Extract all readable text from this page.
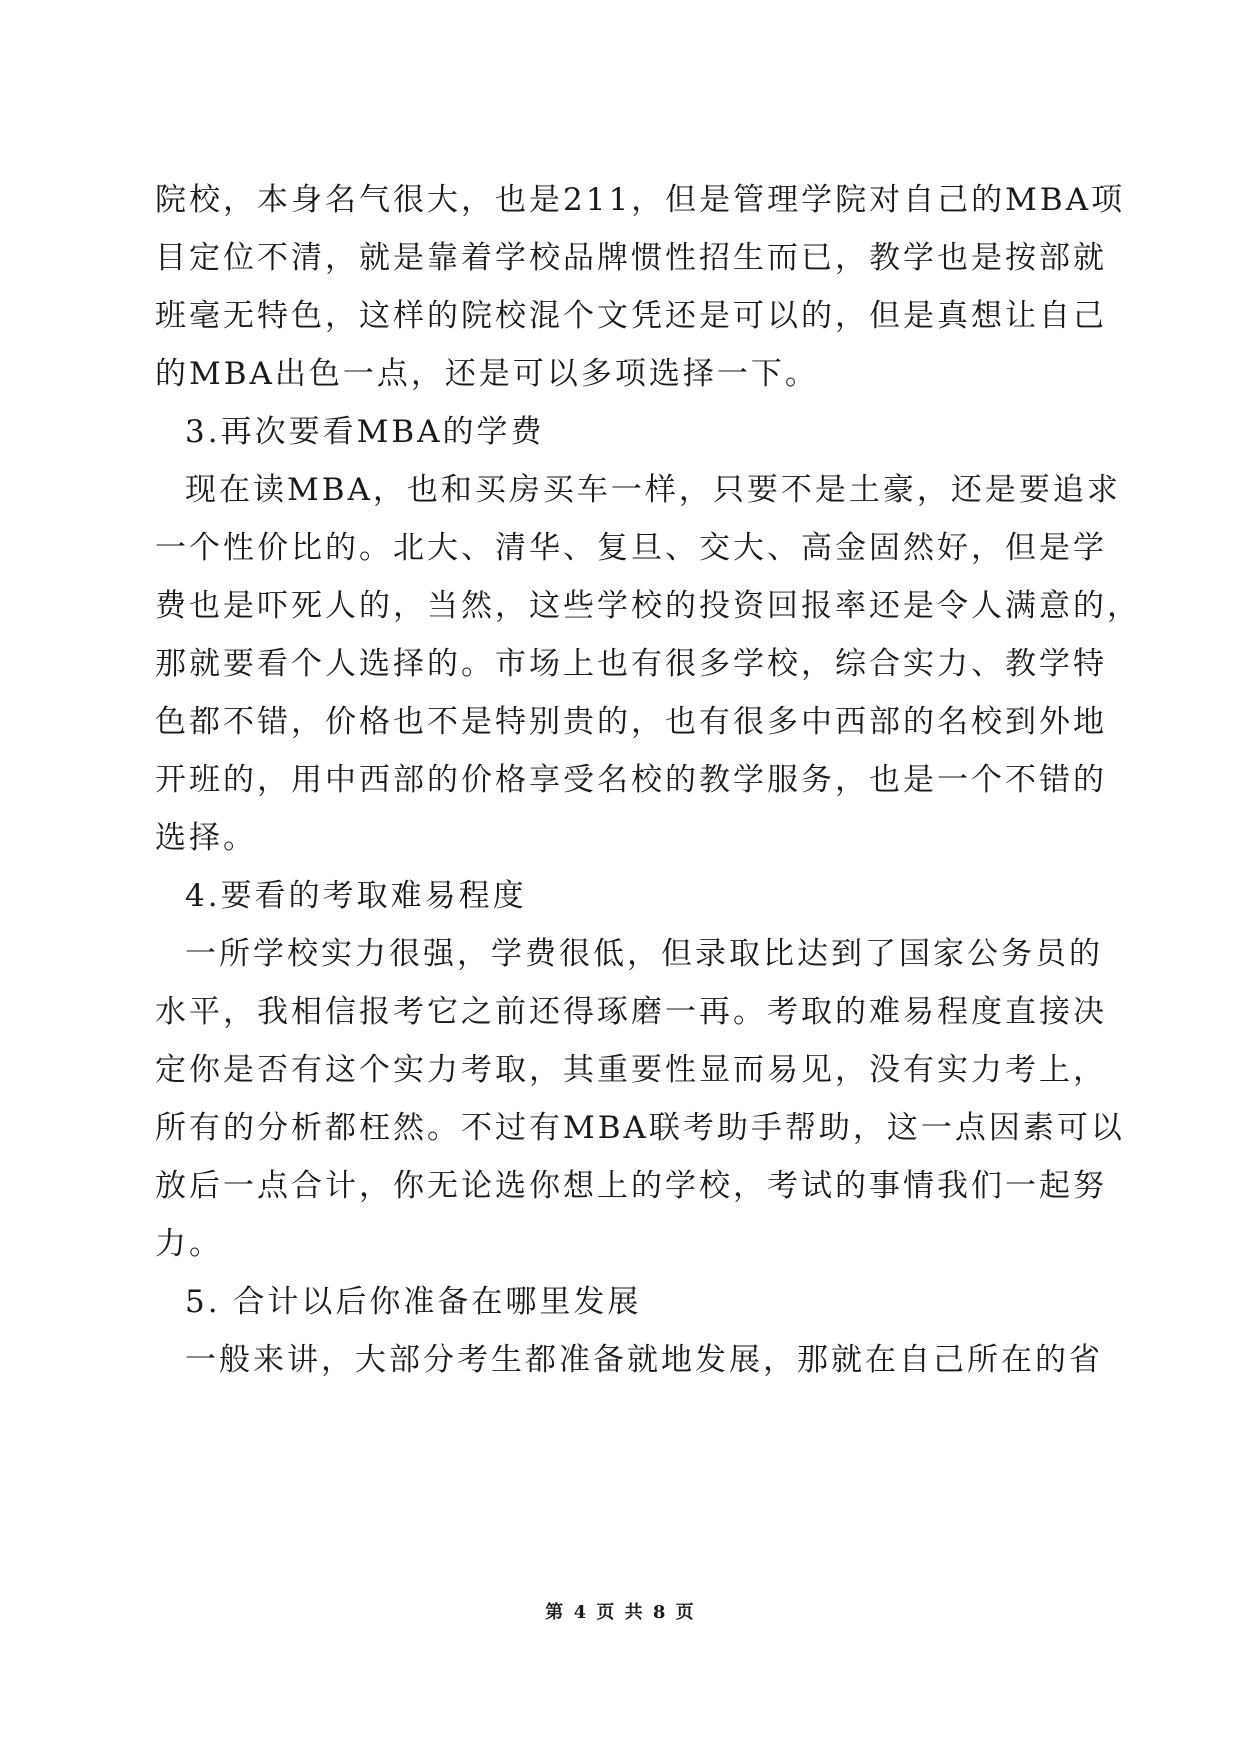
院校，本身名气很大，也是211，但是管理学院对自己的MBA项
目定位不清，就是靠着学校品牌惯性招生而已，教学也是按部就
班毫无特色，这样的院校混个文凭还是可以的，但是真想让自己
的MBA出色一点，还是可以多项选择一下。
3.再次要看MBA的学费
现在读MBA，也和买房买车一样，只要不是土豪，还是要追求
一个性价比的。北大、清华、复旦、交大、高金固然好，但是学
费也是吓死人的，当然，这些学校的投资回报率还是令人满意的，
那就要看个人选择的。市场上也有很多学校，综合实力、教学特
色都不错，价格也不是特别贵的，也有很多中西部的名校到外地
开班的，用中西部的价格享受名校的教学服务，也是一个不错的
选择。
4.要看的考取难易程度
一所学校实力很强，学费很低，但录取比达到了国家公务员的
水平，我相信报考它之前还得琢磨一再。考取的难易程度直接决
定你是否有这个实力考取，其重要性显而易见，没有实力考上，
所有的分析都枉然。不过有MBA联考助手帮助，这一点因素可以
放后一点合计，你无论选你想上的学校，考试的事情我们一起努
力。
5. 合计以后你准备在哪里发展
一般来讲，大部分考生都准备就地发展，那就在自己所在的省
第 4 页 共 8 页
